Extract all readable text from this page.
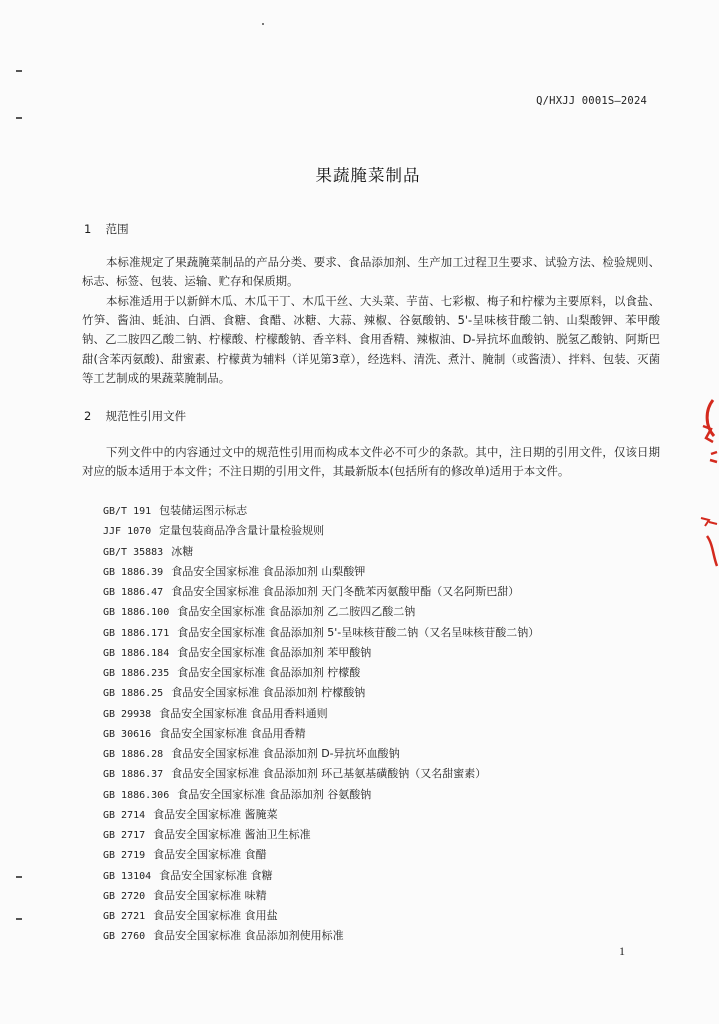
Q/HXJJ 0001S—2024
果蔬腌菜制品
1 范围

本标准规定了果蔬腌菜制品的产品分类、要求、食品添加剂、生产加工过程卫生要求、试验方法、检验规则、标志、标签、包装、运输、贮存和保质期。

本标准适用于以新鲜木瓜、木瓜干丁、木瓜干丝、大头菜、芋苗、七彩椒、梅子和柠檬为主要原料，以食盐、竹笋、酱油、蚝油、白酒、食糖、食醋、冰糖、大蒜、辣椒、谷氨酸钠、5'-呈味核苷酸二钠、山梨酸钾、苯甲酸钠、乙二胺四乙酸二钠、柠檬酸、柠檬酸钠、香辛料、食用香精、辣椒油、D-异抗坏血酸钠、脱氢乙酸钠、阿斯巴甜(含苯丙氨酸)、甜蜜素、柠檬黄为辅料（详见第3章），经选料、清洗、煮汁、腌制（或酱渍）、拌料、包装、灭菌等工艺制成的果蔬菜腌制品。

2 规范性引用文件

下列文件中的内容通过文中的规范性引用而构成本文件必不可少的条款。其中，注日期的引用文件，仅该日期对应的版本适用于本文件；不注日期的引用文件，其最新版本(包括所有的修改单)适用于本文件。

GB/T 191 包装储运图示标志
JJF 1070 定量包装商品净含量计量检验规则
GB/T 35883 冰糖
GB 1886.39 食品安全国家标准 食品添加剂 山梨酸钾
GB 1886.47 食品安全国家标准 食品添加剂 天门冬酰苯丙氨酸甲酯（又名阿斯巴甜）
GB 1886.100 食品安全国家标准 食品添加剂 乙二胺四乙酸二钠
GB 1886.171 食品安全国家标准 食品添加剂 5'-呈味核苷酸二钠（又名呈味核苷酸二钠）
GB 1886.184 食品安全国家标准 食品添加剂 苯甲酸钠
GB 1886.235 食品安全国家标准 食品添加剂 柠檬酸
GB 1886.25 食品安全国家标准 食品添加剂 柠檬酸钠
GB 29938 食品安全国家标准 食品用香料通则
GB 30616 食品安全国家标准 食品用香精
GB 1886.28 食品安全国家标准 食品添加剂 D-异抗坏血酸钠
GB 1886.37 食品安全国家标准 食品添加剂 环己基氨基磺酸钠（又名甜蜜素）
GB 1886.306 食品安全国家标准 食品添加剂 谷氨酸钠
GB 2714 食品安全国家标准 酱腌菜
GB 2717 食品安全国家标准 酱油卫生标准
GB 2719 食品安全国家标准 食醋
GB 13104 食品安全国家标准 食糖
GB 2720 食品安全国家标准 味精
GB 2721 食品安全国家标准 食用盐
GB 2760 食品安全国家标准 食品添加剂使用标准
1
